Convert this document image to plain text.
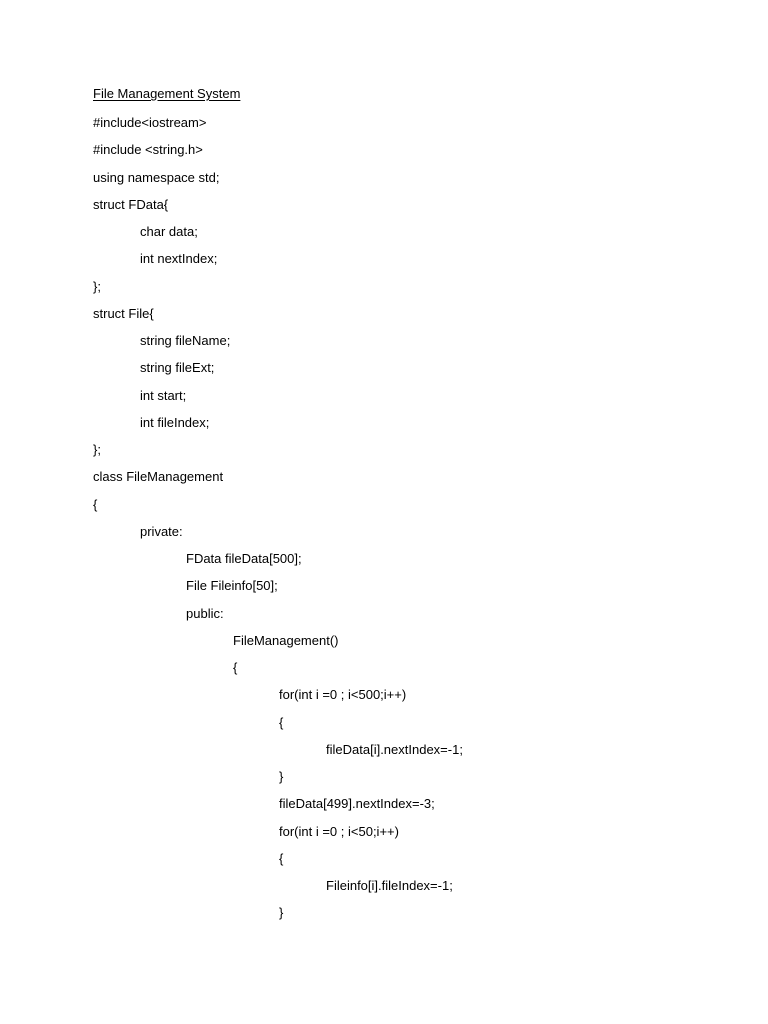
File Management System
#include<iostream>
#include <string.h>
using namespace std;
struct FData{
char data;
int nextIndex;
};
struct File{
string fileName;
string fileExt;
int start;
int fileIndex;
};
class FileManagement
{
private:
FData fileData[500];
File Fileinfo[50];
public:
FileManagement()
{
for(int i =0 ; i<500;i++)
{
fileData[i].nextIndex=-1;
}
fileData[499].nextIndex=-3;
for(int i =0 ; i<50;i++)
{
Fileinfo[i].fileIndex=-1;
}
